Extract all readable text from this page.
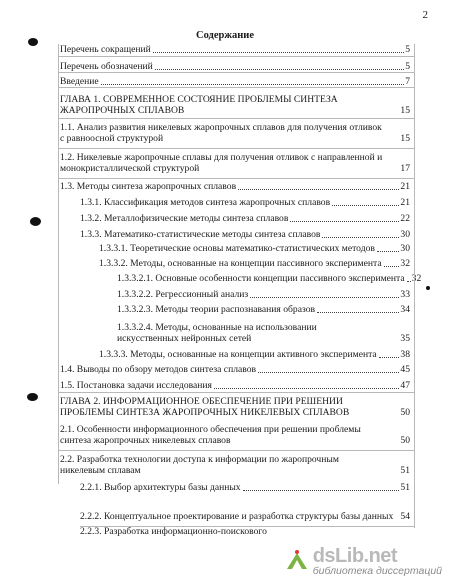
2
Содержание
Перечень сокращений	5
Перечень обозначений	5
Введение	7
ГЛАВА 1. СОВРЕМЕННОЕ СОСТОЯНИЕ ПРОБЛЕМЫ СИНТЕЗА ЖАРОПРОЧНЫХ СПЛАВОВ	15
1.1. Анализ развития никелевых жаропрочных сплавов для получения отливок с равноосной структурой	15
1.2. Никелевые жаропрочные сплавы для получения отливок с направленной и монокристаллической структурой	17
1.3. Методы синтеза жаропрочных сплавов	21
1.3.1. Классификация методов синтеза жаропрочных сплавов	21
1.3.2. Металлофизические методы синтеза сплавов	22
1.3.3. Математико-статистические методы синтеза сплавов	30
1.3.3.1. Теоретические основы математико-статистических методов	30
1.3.3.2. Методы, основанные на концепции пассивного эксперимента 32
1.3.3.2.1. Основные особенности концепции пассивного эксперимента 32
1.3.3.2.2. Регрессионный анализ	33
1.3.3.2.3. Методы теории распознавания образов	34
1.3.3.2.4. Методы, основанные на использовании искусственных нейронных сетей	35
1.3.3.3. Методы, основанные на концепции активного эксперимента 38
1.4. Выводы по обзору методов синтеза сплавов	45
1.5. Постановка задачи исследования	47
ГЛАВА 2. ИНФОРМАЦИОННОЕ ОБЕСПЕЧЕНИЕ ПРИ РЕШЕНИИ ПРОБЛЕМЫ СИНТЕЗА ЖАРОПРОЧНЫХ НИКЕЛЕВЫХ СПЛАВОВ	50
2.1. Особенности информационного обеспечения при решении проблемы синтеза жаропрочных никелевых сплавов	50
2.2. Разработка технологии доступа к информации по жаропрочным никелевым сплавам	51
2.2.1. Выбор архитектуры базы данных	51
2.2.2. Концептуальное проектирование и разработка структуры базы данных 54
2.2.3. Разработка информационно-поискового
dsLib.net
библиотека диссертаций
